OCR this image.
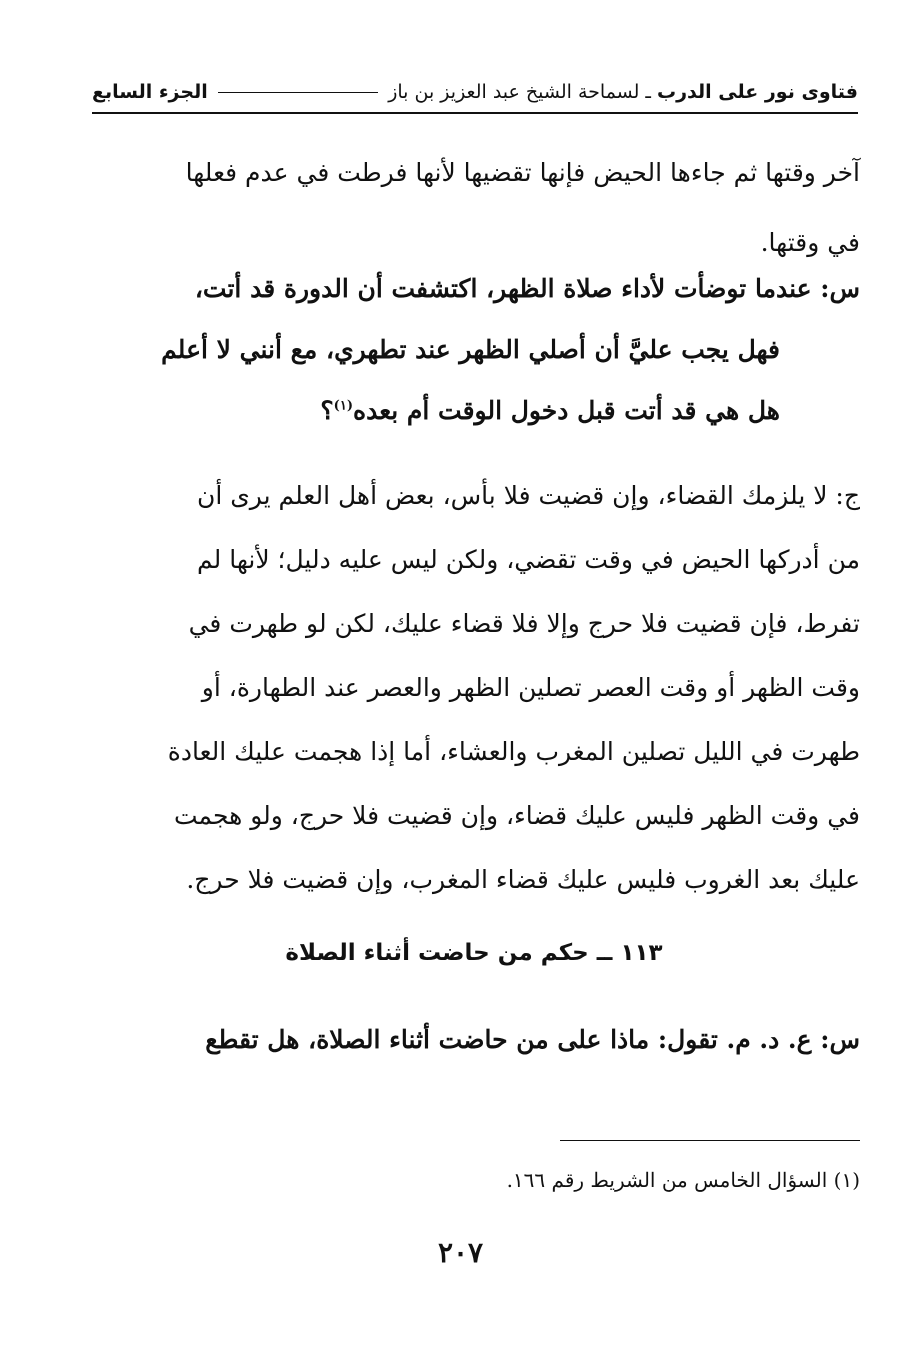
فتاوى نور على الدرب
ـ
لسماحة الشيخ عبد العزيز بن باز
الجزء السابع

آخر وقتها ثم جاءها الحيض فإنها تقضيها لأنها فرطت في عدم فعلها

في وقتها.

س: عندما توضأت لأداء صلاة الظهر، اكتشفت أن الدورة قد أتت،

فهل يجب عليَّ أن أصلي الظهر عند تطهري، مع أنني لا أعلم

هل هي قد أتت قبل دخول الوقت أم بعده$^{(١)}$؟

ج: لا يلزمك القضاء، وإن قضيت فلا بأس، بعض أهل العلم يرى أن

من أدركها الحيض في وقت تقضي، ولكن ليس عليه دليل؛ لأنها لم

تفرط، فإن قضيت فلا حرج وإلا فلا قضاء عليك، لكن لو طهرت في

وقت الظهر أو وقت العصر تصلين الظهر والعصر عند الطهارة، أو

طهرت في الليل تصلين المغرب والعشاء، أما إذا هجمت عليك العادة

في وقت الظهر فليس عليك قضاء، وإن قضيت فلا حرج، ولو هجمت

عليك بعد الغروب فليس عليك قضاء المغرب، وإن قضيت فلا حرج.

١١٣ ــ حكم من حاضت أثناء الصلاة

س: ع. د. م. تقول: ماذا على من حاضت أثناء الصلاة، هل تقطع

(١) السؤال الخامس من الشريط رقم ١٦٦.
٢٠٧
